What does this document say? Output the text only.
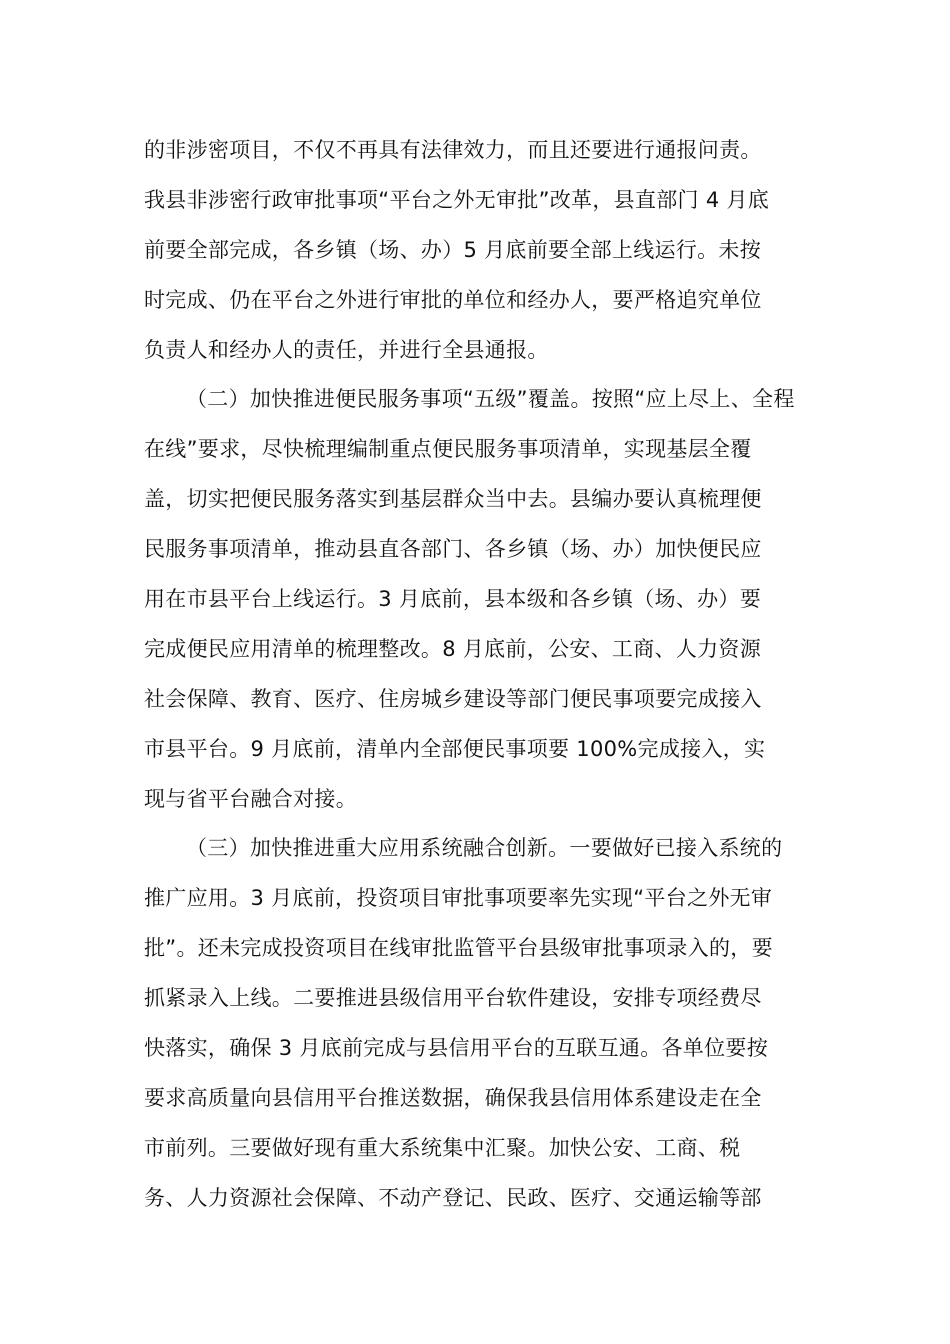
的非涉密项目，不仅不再具有法律效力，而且还要进行通报问责。
我县非涉密行政审批事项“平台之外无审批”改革，县直部门 4 月底
前要全部完成，各乡镇（场、办）5 月底前要全部上线运行。未按
时完成、仍在平台之外进行审批的单位和经办人，要严格追究单位
负责人和经办人的责任，并进行全县通报。
（二）加快推进便民服务事项“五级”覆盖。按照“应上尽上、全程
在线”要求，尽快梳理编制重点便民服务事项清单，实现基层全覆
盖，切实把便民服务落实到基层群众当中去。县编办要认真梳理便
民服务事项清单，推动县直各部门、各乡镇（场、办）加快便民应
用在市县平台上线运行。3 月底前，县本级和各乡镇（场、办）要
完成便民应用清单的梳理整改。8 月底前，公安、工商、人力资源
社会保障、教育、医疗、住房城乡建设等部门便民事项要完成接入
市县平台。9 月底前，清单内全部便民事项要 100%完成接入，实
现与省平台融合对接。
（三）加快推进重大应用系统融合创新。一要做好已接入系统的
推广应用。3 月底前，投资项目审批事项要率先实现“平台之外无审
批”。还未完成投资项目在线审批监管平台县级审批事项录入的，要
抓紧录入上线。二要推进县级信用平台软件建设，安排专项经费尽
快落实，确保 3 月底前完成与县信用平台的互联互通。各单位要按
要求高质量向县信用平台推送数据，确保我县信用体系建设走在全
市前列。三要做好现有重大系统集中汇聚。加快公安、工商、税
务、人力资源社会保障、不动产登记、民政、医疗、交通运输等部
